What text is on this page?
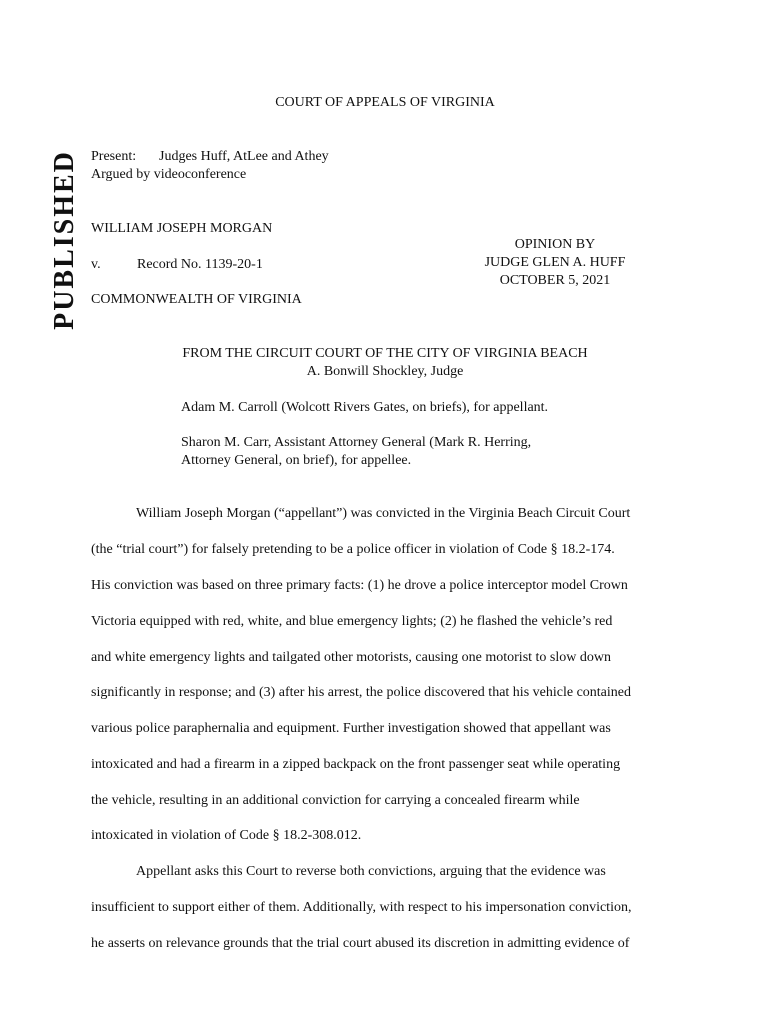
PUBLISHED
COURT OF APPEALS OF VIRGINIA
Present: Judges Huff, AtLee and Athey
Argued by videoconference
WILLIAM JOSEPH MORGAN
v.	Record No. 1139-20-1
COMMONWEALTH OF VIRGINIA
OPINION BY
JUDGE GLEN A. HUFF
OCTOBER 5, 2021
FROM THE CIRCUIT COURT OF THE CITY OF VIRGINIA BEACH
A. Bonwill Shockley, Judge
Adam M. Carroll (Wolcott Rivers Gates, on briefs), for appellant.
Sharon M. Carr, Assistant Attorney General (Mark R. Herring,
Attorney General, on brief), for appellee.
William Joseph Morgan (“appellant”) was convicted in the Virginia Beach Circuit Court
(the “trial court”) for falsely pretending to be a police officer in violation of Code § 18.2-174.
His conviction was based on three primary facts: (1) he drove a police interceptor model Crown
Victoria equipped with red, white, and blue emergency lights; (2) he flashed the vehicle’s red
and white emergency lights and tailgated other motorists, causing one motorist to slow down
significantly in response; and (3) after his arrest, the police discovered that his vehicle contained
various police paraphernalia and equipment. Further investigation showed that appellant was
intoxicated and had a firearm in a zipped backpack on the front passenger seat while operating
the vehicle, resulting in an additional conviction for carrying a concealed firearm while
intoxicated in violation of Code § 18.2-308.012.
Appellant asks this Court to reverse both convictions, arguing that the evidence was
insufficient to support either of them. Additionally, with respect to his impersonation conviction,
he asserts on relevance grounds that the trial court abused its discretion in admitting evidence of
